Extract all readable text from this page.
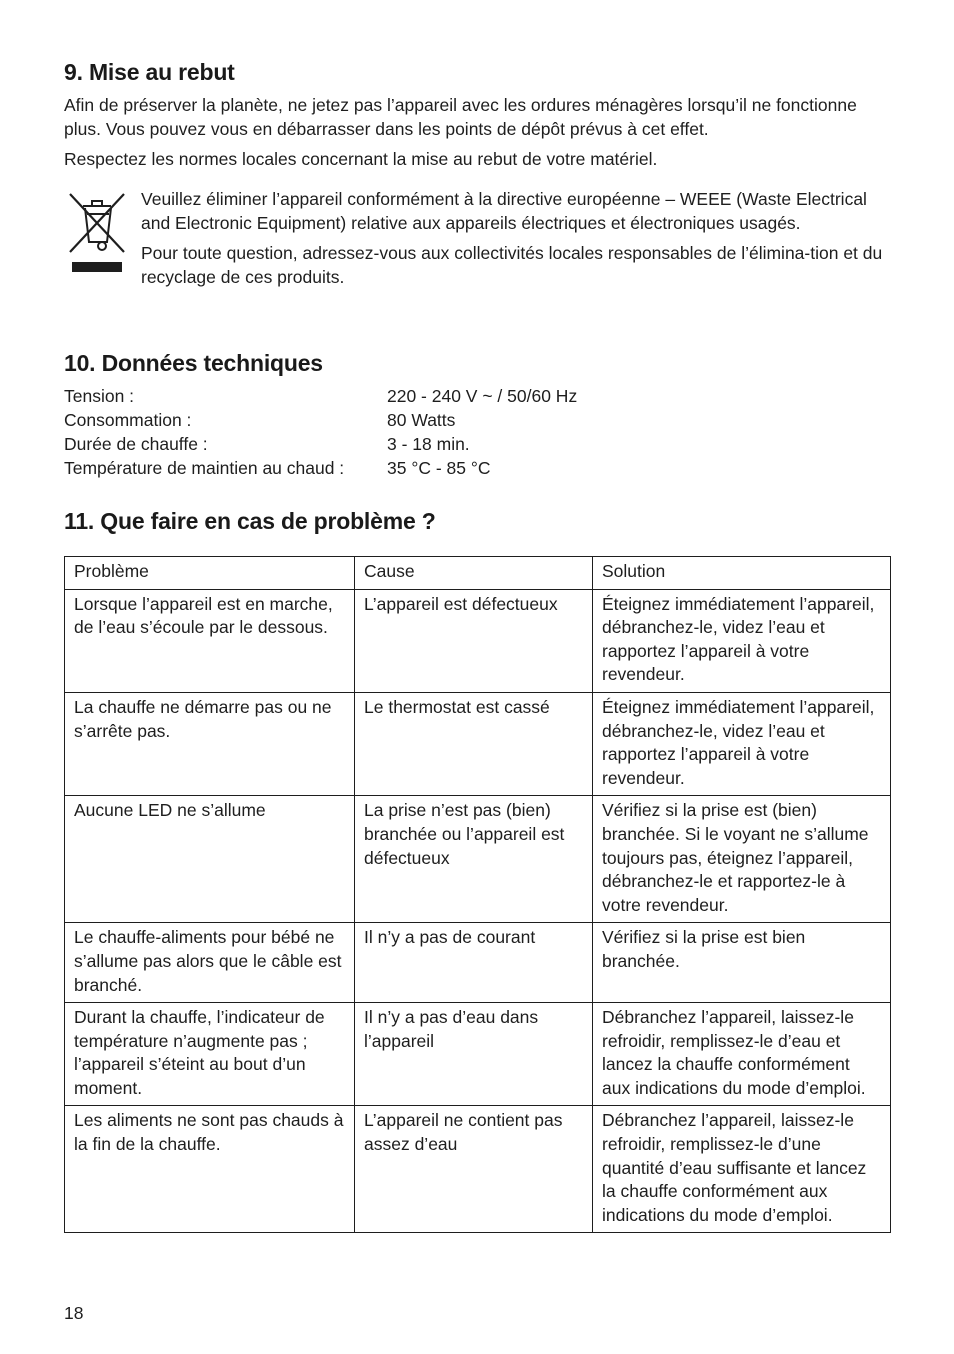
9. Mise au rebut

Afin de préserver la planète, ne jetez pas l’appareil avec les ordures ménagères lorsqu’il ne fonctionne plus. Vous pouvez vous en débarrasser dans les points de dépôt prévus à cet effet.

Respectez les normes locales concernant la mise au rebut de votre matériel.

Veuillez éliminer l’appareil conformément à la directive européenne – WEEE (Waste Electrical and Electronic Equipment) relative aux appareils électriques et électroniques usagés.

Pour toute question, adressez-vous aux collectivités locales responsables de l’élimina-tion et du recyclage de ces produits.

10. Données techniques
Tension :	220 - 240 V ~ / 50/60 Hz
Consommation :	80 Watts
Durée de chauffe :	3 - 18 min.
Température de maintien au chaud :	35 °C - 85 °C
11. Que faire en cas de problème ?
Problème	Cause	Solution
Lorsque l’appareil est en marche, de l’eau s’écoule par le dessous.	L’appareil est défectueux	Éteignez immédiatement l’appareil, débranchez-le, videz l’eau et rapportez l’appareil à votre revendeur.
La chauffe ne démarre pas ou ne s’arrête pas.	Le thermostat est cassé	Éteignez immédiatement l’appareil, débranchez-le, videz l’eau et rapportez l’appareil à votre revendeur.
Aucune LED ne s’allume	La prise n’est pas (bien) branchée ou l’appareil est défectueux	Vérifiez si la prise est (bien) branchée. Si le voyant ne s’allume toujours pas, éteignez l’appareil, débranchez-le et rapportez-le à votre revendeur.
Le chauffe-aliments pour bébé ne s’allume pas alors que le câble est branché.	Il n’y a pas de courant	Vérifiez si la prise est bien branchée.
Durant la chauffe, l’indicateur de température n’augmente pas ; l’appareil s’éteint au bout d’un moment.	Il n’y a pas d’eau dans l’appareil	Débranchez l’appareil, laissez-le refroidir, remplissez-le d’eau et lancez la chauffe conformément aux indications du mode d’emploi.
Les aliments ne sont pas chauds à la fin de la chauffe.	L’appareil ne contient pas assez d’eau	Débranchez l’appareil, laissez-le refroidir, remplissez-le d’une quantité d’eau suffisante et lancez la chauffe conformément aux indications du mode d’emploi.
18
